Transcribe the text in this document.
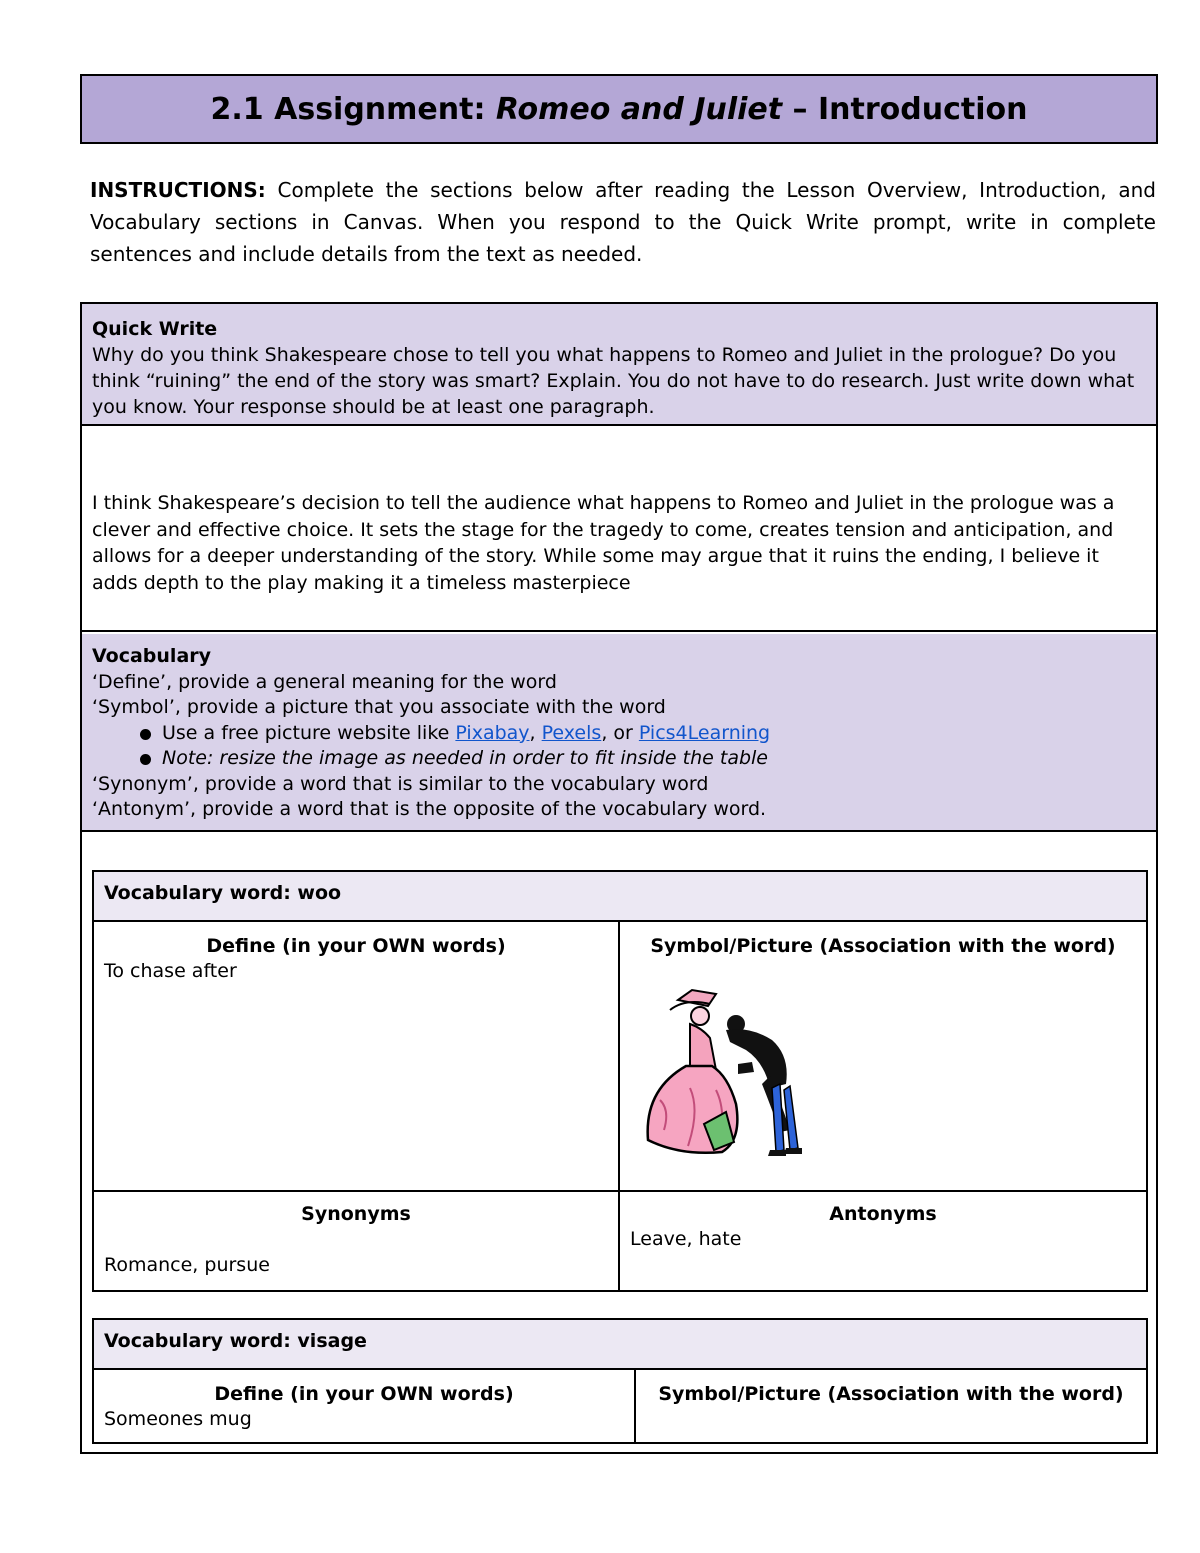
2.1 Assignment: Romeo and Juliet – Introduction
INSTRUCTIONS: Complete the sections below after reading the Lesson Overview, Introduction, and Vocabulary sections in Canvas. When you respond to the Quick Write prompt, write in complete sentences and include details from the text as needed.
Quick Write
Why do you think Shakespeare chose to tell you what happens to Romeo and Juliet in the prologue? Do you think “ruining” the end of the story was smart? Explain. You do not have to do research. Just write down what you know. Your response should be at least one paragraph.
I think Shakespeare’s decision to tell the audience what happens to Romeo and Juliet in the prologue was a clever and effective choice. It sets the stage for the tragedy to come, creates tension and anticipation, and allows for a deeper understanding of the story. While some may argue that it ruins the ending, I believe it adds depth to the play making it a timeless masterpiece
Vocabulary
‘Define’, provide a general meaning for the word
‘Symbol’, provide a picture that you associate with the word
Use a free picture website like Pixabay, Pexels, or Pics4Learning
Note: resize the image as needed in order to fit inside the table
‘Synonym’, provide a word that is similar to the vocabulary word
‘Antonym’, provide a word that is the opposite of the vocabulary word.
Vocabulary word: woo
Define (in your OWN words)
To chase after
Symbol/Picture (Association with the word)
Synonyms
Romance, pursue
Antonyms
Leave, hate
Vocabulary word: visage
Define (in your OWN words)
Someones mug
Symbol/Picture (Association with the word)
